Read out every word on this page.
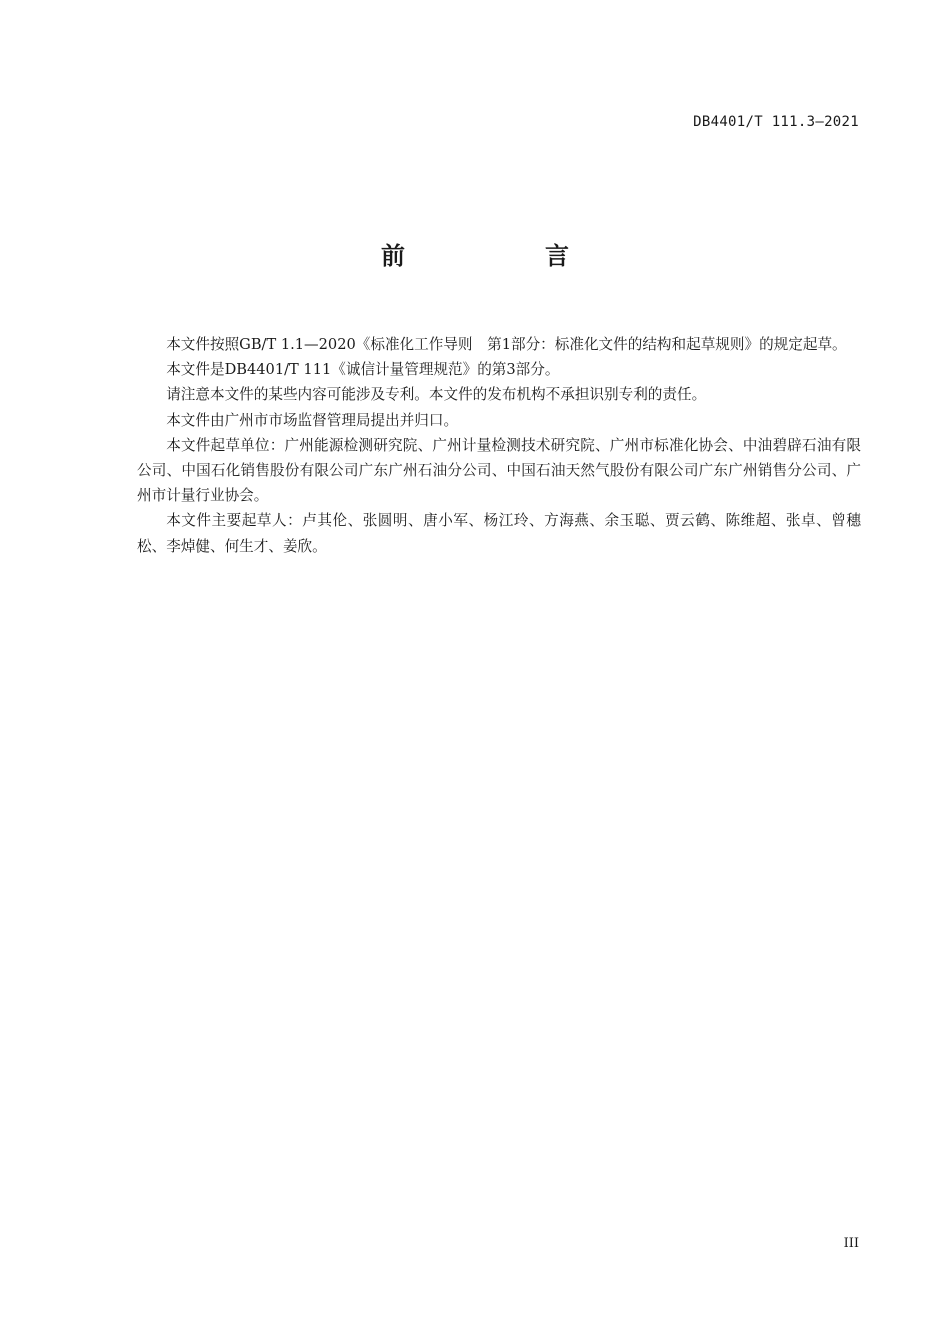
DB4401/T 111.3—2021
前　言

本文件按照GB/T 1.1—2020《标准化工作导则　第1部分：标准化文件的结构和起草规则》的规定起草。

本文件是DB4401/T 111《诚信计量管理规范》的第3部分。

请注意本文件的某些内容可能涉及专利。本文件的发布机构不承担识别专利的责任。

本文件由广州市市场监督管理局提出并归口。

本文件起草单位：广州能源检测研究院、广州计量检测技术研究院、广州市标准化协会、中油碧辟石油有限公司、中国石化销售股份有限公司广东广州石油分公司、中国石油天然气股份有限公司广东广州销售分公司、广州市计量行业协会。

本文件主要起草人：卢其伦、张圆明、唐小军、杨江玲、方海燕、余玉聪、贾云鹤、陈维超、张卓、曾穗松、李焯健、何生才、姜欣。

III
